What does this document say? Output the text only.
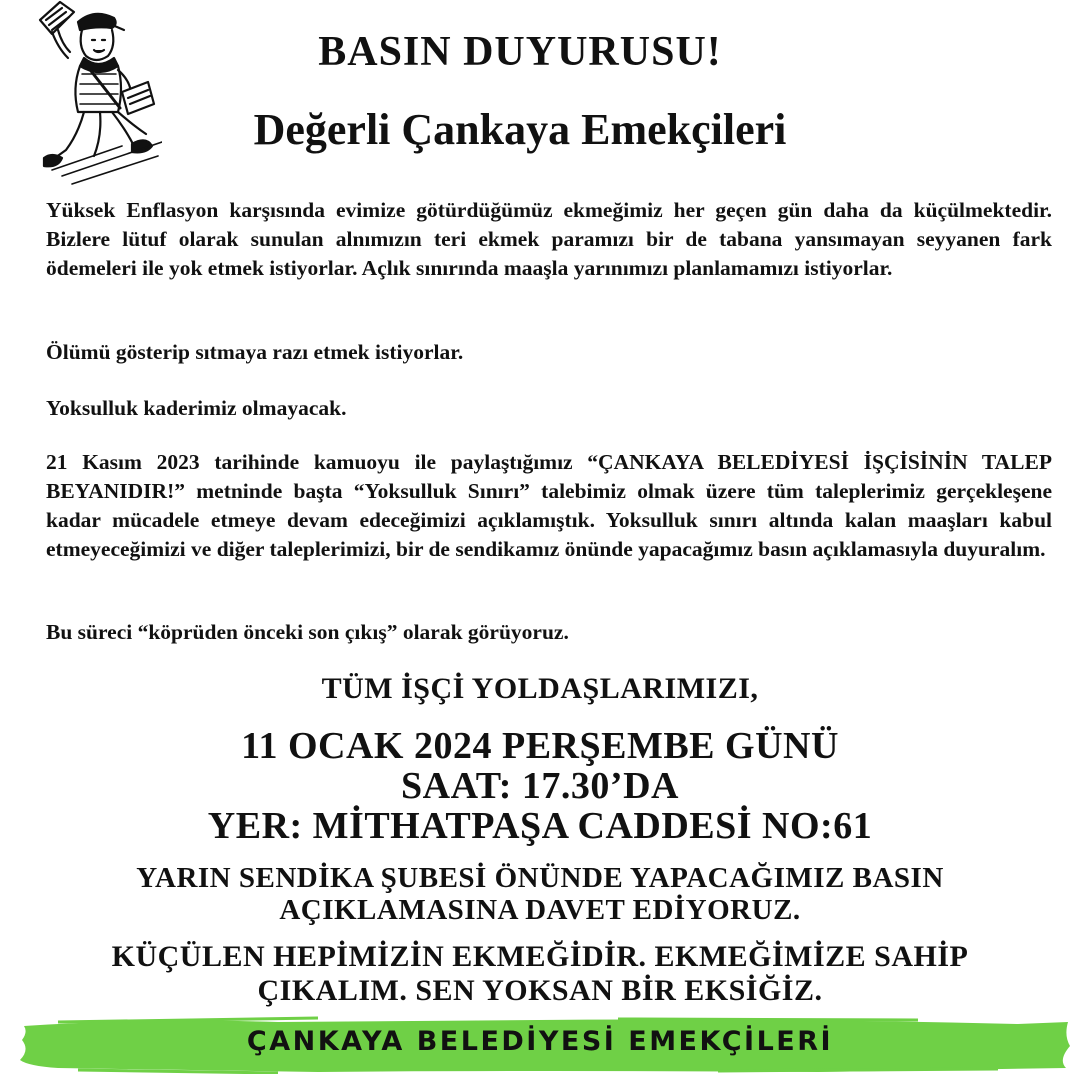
BASIN DUYURUSU!
Değerli Çankaya Emekçileri

Yüksek Enflasyon karşısında evimize götürdüğümüz ekmeğimiz her geçen gün daha da küçülmektedir. Bizlere lütuf olarak sunulan alnımızın teri ekmek paramızı bir de tabana yansımayan seyyanen fark ödemeleri ile yok etmek istiyorlar. Açlık sınırında maaşla yarınımızı planlamamızı istiyorlar.

Ölümü gösterip sıtmaya razı etmek istiyorlar.

Yoksulluk kaderimiz olmayacak.

21 Kasım 2023 tarihinde kamuoyu ile paylaştığımız “ÇANKAYA BELEDİYESİ İŞÇİSİNİN TALEP BEYANIDIR!” metninde başta “Yoksulluk Sınırı” talebimiz olmak üzere tüm taleplerimiz gerçekleşene kadar mücadele etmeye devam edeceğimizi açıklamıştık. Yoksulluk sınırı altında kalan maaşları kabul etmeyeceğimizi ve diğer taleplerimizi, bir de sendikamız önünde yapacağımız basın açıklamasıyla duyuralım.

Bu süreci “köprüden önceki son çıkış” olarak görüyoruz.

TÜM İŞÇİ YOLDAŞLARIMIZI,

11 OCAK 2024 PERŞEMBE GÜNÜ

SAAT: 17.30’DA

YER: MİTHATPAŞA CADDESİ NO:61

YARIN SENDİKA ŞUBESİ ÖNÜNDE YAPACAĞIMIZ BASIN

AÇIKLAMASINA DAVET EDİYORUZ.

KÜÇÜLEN HEPİMİZİN EKMEĞİDİR. EKMEĞİMİZE SAHİP

ÇIKALIM. SEN YOKSAN BİR EKSİĞİZ.

ÇANKAYA BELEDİYESİ EMEKÇİLERİ
